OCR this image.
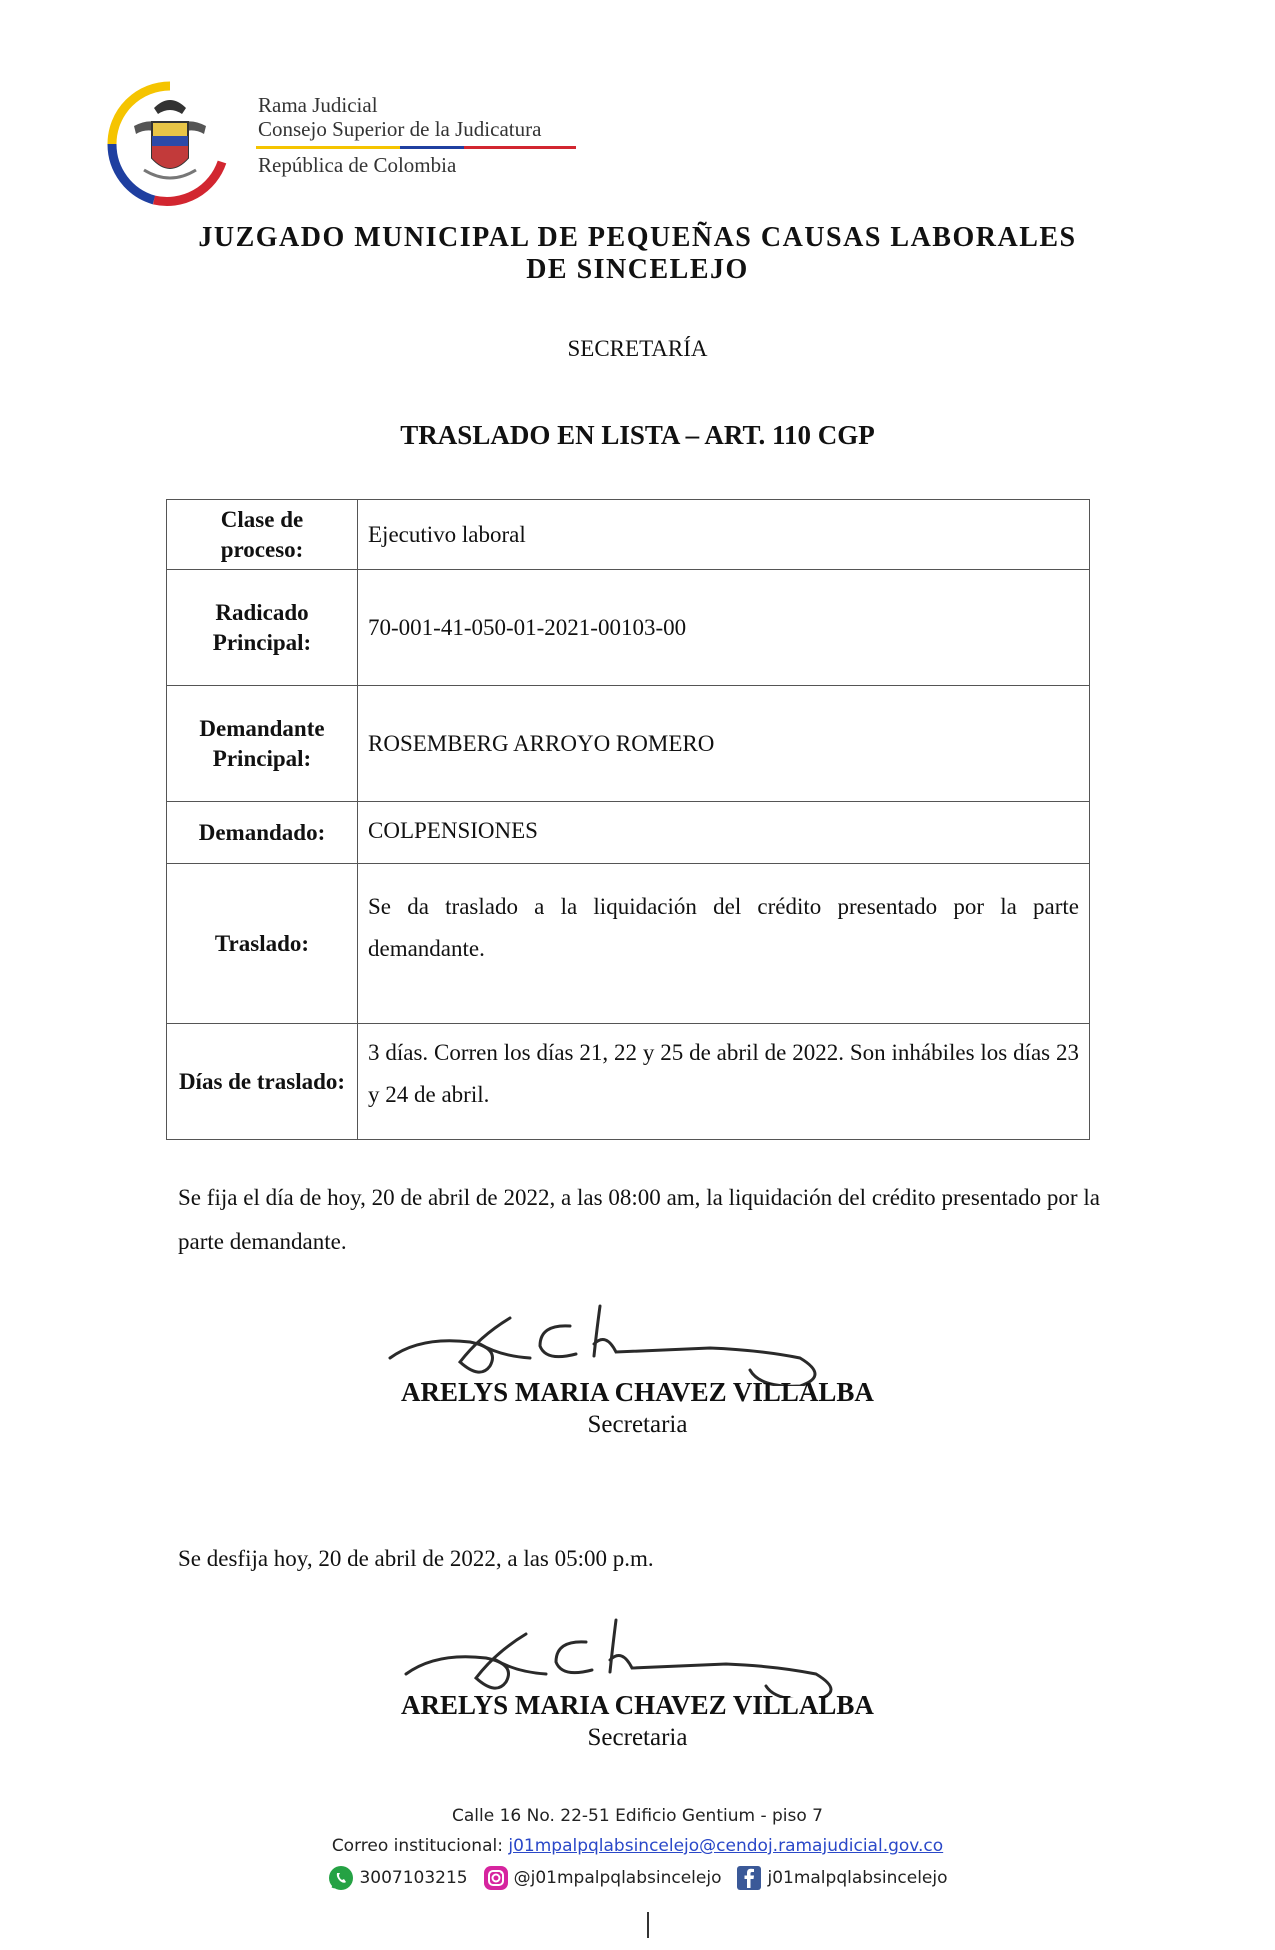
Rama Judicial
Consejo Superior de la Judicatura
República de Colombia
JUZGADO MUNICIPAL DE PEQUEÑAS CAUSAS LABORALES
DE SINCELEJO
SECRETARÍA
TRASLADO EN LISTA – ART. 110 CGP
Clase de proceso:	Ejecutivo laboral
Radicado Principal:	70-001-41-050-01-2021-00103-00
Demandante Principal:	ROSEMBERG ARROYO ROMERO
Demandado:	COLPENSIONES
Traslado:	Se da traslado a la liquidación del crédito presentado por la parte demandante.
Días de traslado:	3 días. Corren los días 21, 22 y 25 de abril de 2022. Son inhábiles los días 23 y 24 de abril.
Se fija el día de hoy, 20 de abril de 2022, a las 08:00 am, la liquidación del crédito presentado por la parte demandante.
ARELYS MARIA CHAVEZ VILLALBA
Secretaria
Se desfija hoy, 20 de abril de 2022, a las 05:00 p.m.
ARELYS MARIA CHAVEZ VILLALBA
Secretaria
Calle 16 No. 22-51 Edificio Gentium - piso 7
Correo institucional: j01mpalpqlabsincelejo@cendoj.ramajudicial.gov.co
3007103215	@j01mpalpqlabsincelejo	j01malpqlabsincelejo
